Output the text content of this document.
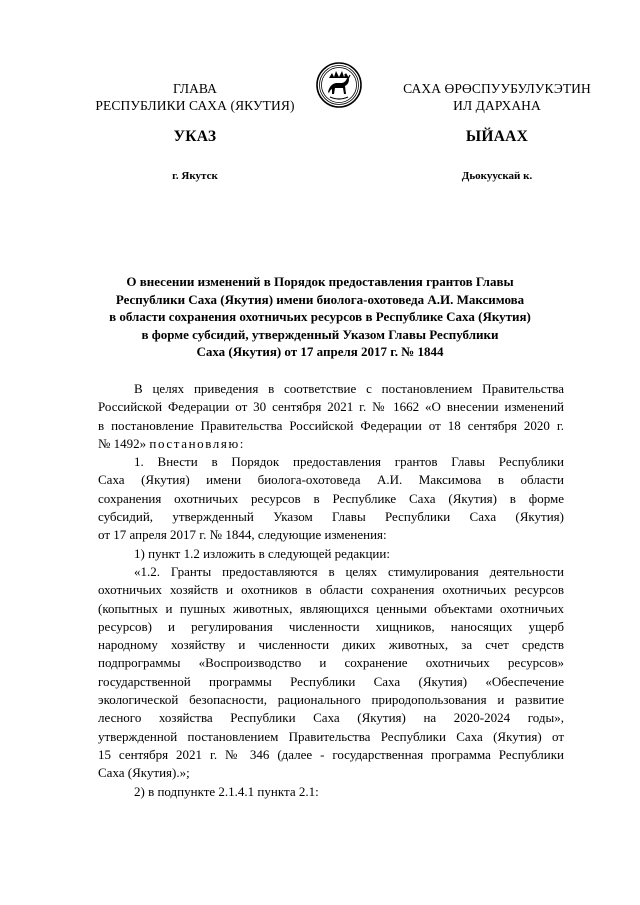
ГЛАВА
РЕСПУБЛИКИ САХА (ЯКУТИЯ)
САХА ӨРӨСПУУБУЛУКЭТИН
ИЛ ДАРХАНА
УКАЗ	ЫЙААХ
г. Якутск	Дьокуускай к.
О внесении изменений в Порядок предоставления грантов Главы
Республики Саха (Якутия) имени биолога-охотоведа А.И. Максимова
в области сохранения охотничьих ресурсов в Республике Саха (Якутия)
в форме субсидий, утвержденный Указом Главы Республики
Саха (Якутия) от 17 апреля 2017 г. № 1844
В целях приведения в соответствие с постановлением Правительства
Российской Федерации от 30 сентября 2021 г. № 1662 «О внесении изменений
в постановление Правительства Российской Федерации от 18 сентября 2020 г.
№ 1492» постановляю:
1. Внести в Порядок предоставления грантов Главы Республики
Саха (Якутия) имени биолога-охотоведа А.И. Максимова в области
сохранения охотничьих ресурсов в Республике Саха (Якутия) в форме
субсидий, утвержденный Указом Главы Республики Саха (Якутия)
от 17 апреля 2017 г. № 1844, следующие изменения:
1) пункт 1.2 изложить в следующей редакции:
«1.2. Гранты предоставляются в целях стимулирования деятельности
охотничьих хозяйств и охотников в области сохранения охотничьих ресурсов
(копытных и пушных животных, являющихся ценными объектами охотничьих
ресурсов) и регулирования численности хищников, наносящих ущерб
народному хозяйству и численности диких животных, за счет средств
подпрограммы «Воспроизводство и сохранение охотничьих ресурсов»
государственной программы Республики Саха (Якутия) «Обеспечение
экологической безопасности, рационального природопользования и развитие
лесного хозяйства Республики Саха (Якутия) на 2020-2024 годы»,
утвержденной постановлением Правительства Республики Саха (Якутия) от
15 сентября 2021 г. № 346 (далее - государственная программа Республики
Саха (Якутия).»;
2) в подпункте 2.1.4.1 пункта 2.1:
